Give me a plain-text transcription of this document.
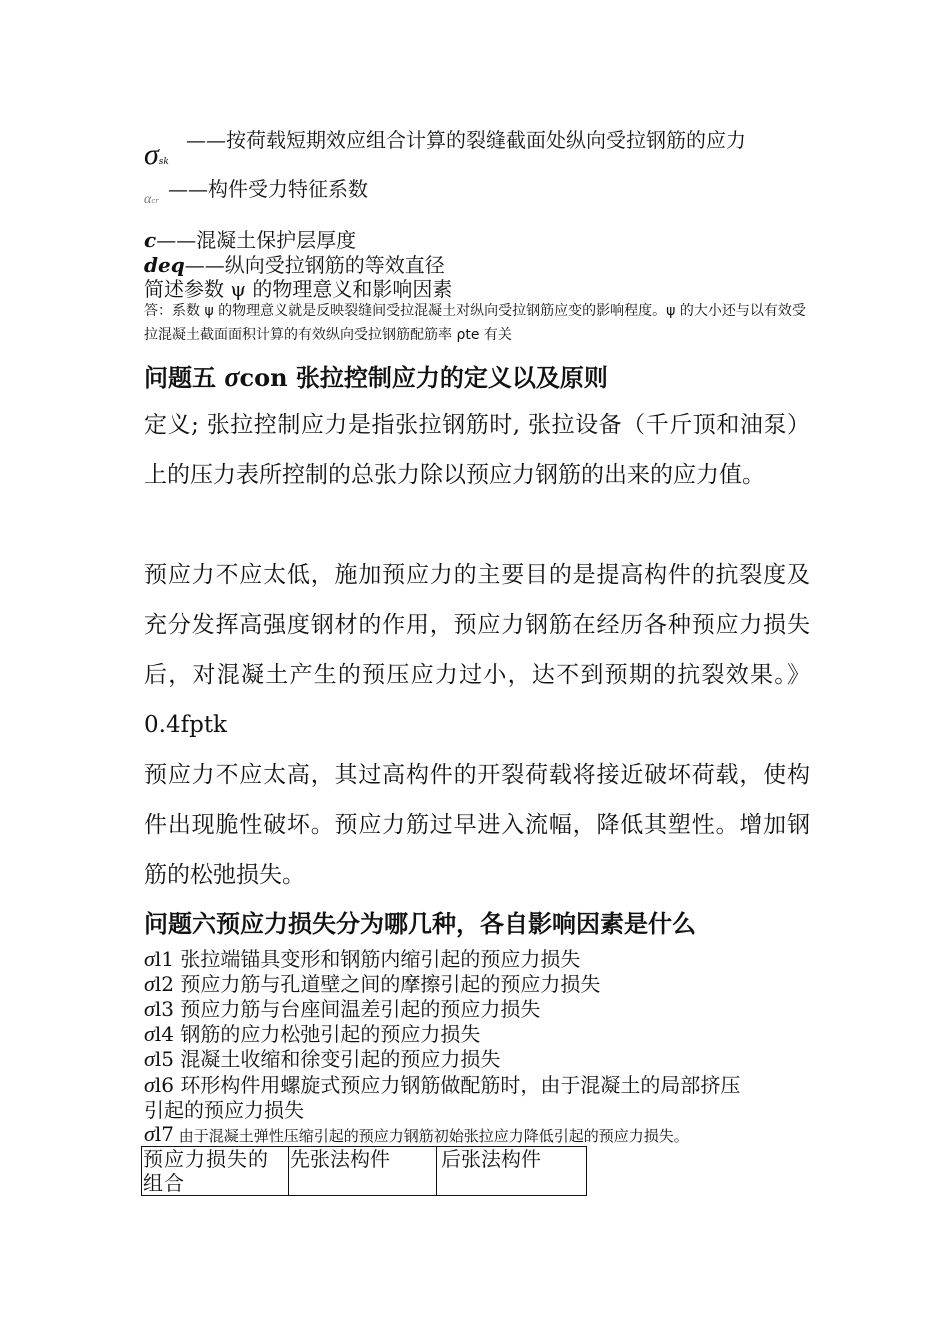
σsk
——按荷载短期效应组合计算的裂缝截面处纵向受拉钢筋的应力
αcr ——构件受力特征系数
c——混凝土保护层厚度
deq——纵向受拉钢筋的等效直径
简述参数 ψ 的物理意义和影响因素
答：系数 ψ 的物理意义就是反映裂缝间受拉混凝土对纵向受拉钢筋应变的影响程度。ψ 的大小还与以有效受拉混凝土截面面积计算的有效纵向受拉钢筋配筋率 ρte 有关
问题五 σcon 张拉控制应力的定义以及原则
定义; 张拉控制应力是指张拉钢筋时, 张拉设备（千斤顶和油泵）上的压力表所控制的总张力除以预应力钢筋的出来的应力值。
预应力不应太低，施加预应力的主要目的是提高构件的抗裂度及充分发挥高强度钢材的作用，预应力钢筋在经历各种预应力损失后，对混凝土产生的预压应力过小，达不到预期的抗裂效果。》0.4fptk
预应力不应太高，其过高构件的开裂荷载将接近破坏荷载，使构件出现脆性破坏。预应力筋过早进入流幅，降低其塑性。增加钢筋的松弛损失。
问题六预应力损失分为哪几种，各自影响因素是什么
σl1 张拉端锚具变形和钢筋内缩引起的预应力损失
σl2 预应力筋与孔道壁之间的摩擦引起的预应力损失
σl3 预应力筋与台座间温差引起的预应力损失
σl4 钢筋的应力松弛引起的预应力损失
σl5 混凝土收缩和徐变引起的预应力损失
σl6 环形构件用螺旋式预应力钢筋做配筋时，由于混凝土的局部挤压
引起的预应力损失
σl7 由于混凝土弹性压缩引起的预应力钢筋初始张拉应力降低引起的预应力损失。
预应力损失的组合	先张法构件	后张法构件
